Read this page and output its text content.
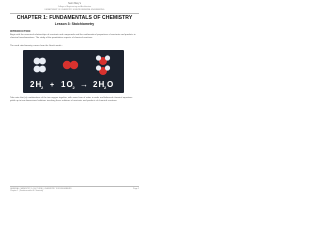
Saint Mary's
College of Engineering and Architecture
DEPARTMENT OF CHEMISTRY & ENVIRONMENTAL ENGINEERING
CHAPTER 1: FUNDAMENTALS OF CHEMISTRY
Lesson 3: Stoichiometry
INTRODUCTION
Begin with the numerical relationships of reactants and compounds and the mathematical proportions of reactants and products in chemical transformations. The study of the quantitative aspects of chemical reactions.
The word stoichiometry comes from the Greek words...
2 H 2 + 1 O 2 → 2 H 2 O
Take note that (a) combinations of the two oxygen together, with some form of ratios in order and balanced chemical equations yields up to two dimensional relations involving these relations of reactants and products of chemical reactions.
GENERAL CHEMISTRY 1 (LECTURE) | CHEMISTRY FOR ENGINEERS
Chapter 1 | Fundamentals of Chemistry
Page 1
